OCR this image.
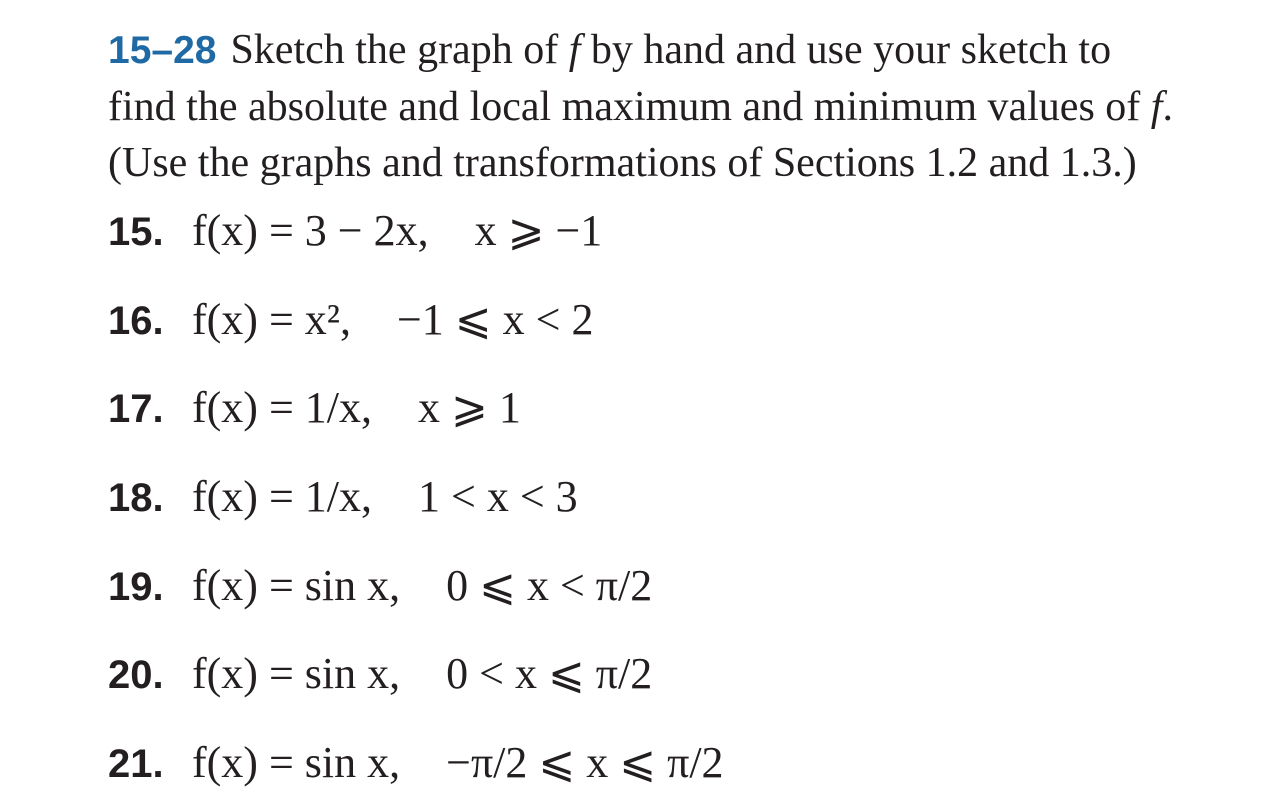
15–28 Sketch the graph of f by hand and use your sketch to
find the absolute and local maximum and minimum values of f.
(Use the graphs and transformations of Sections 1.2 and 1.3.)
15. f(x) = 3 − 2x, x ⩾ −1
16. f(x) = x², −1 ⩽ x < 2
17. f(x) = 1/x, x ⩾ 1
18. f(x) = 1/x, 1 < x < 3
19. f(x) = sin x, 0 ⩽ x < π/2
20. f(x) = sin x, 0 < x ⩽ π/2
21. f(x) = sin x, −π/2 ⩽ x ⩽ π/2
